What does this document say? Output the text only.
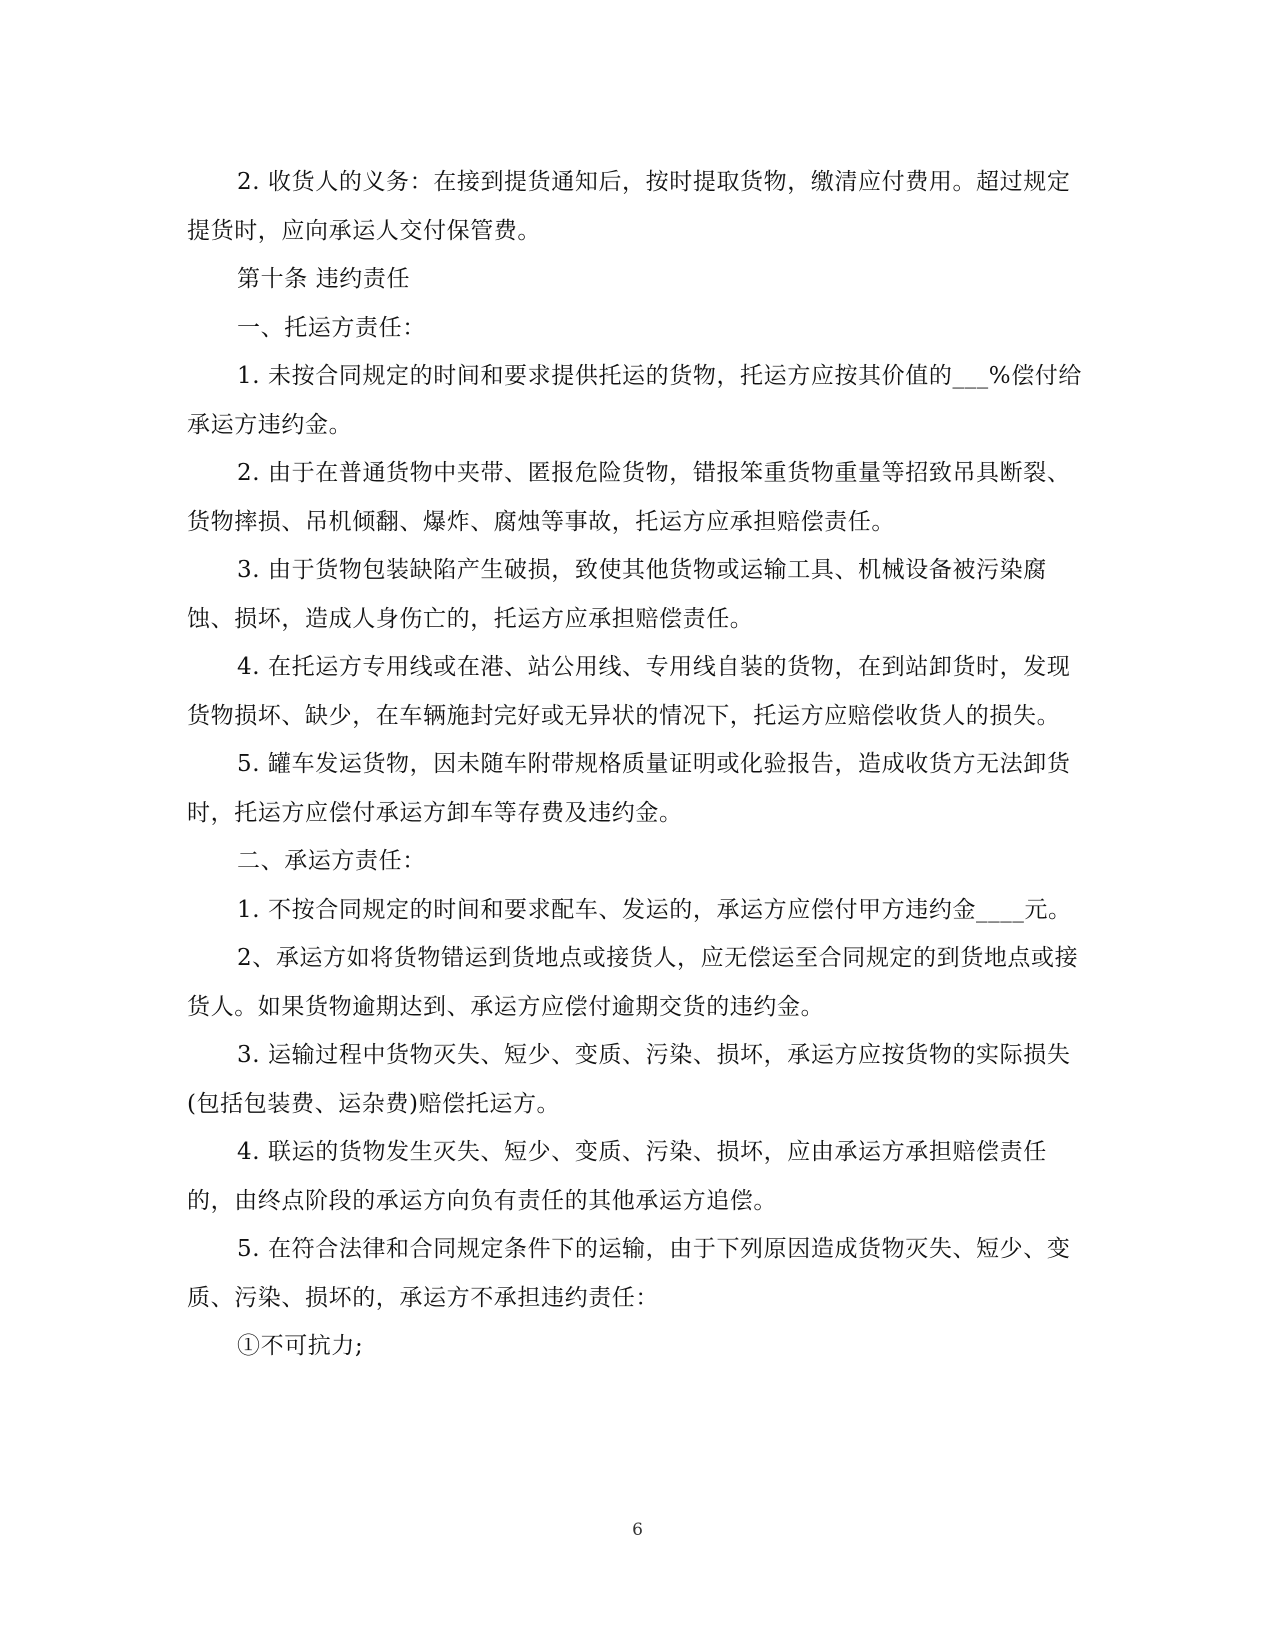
2. 收货人的义务：在接到提货通知后，按时提取货物，缴清应付费用。超过规定提货时，应向承运人交付保管费。

第十条 违约责任

一、托运方责任：

1. 未按合同规定的时间和要求提供托运的货物，托运方应按其价值的___%偿付给承运方违约金。

2. 由于在普通货物中夹带、匿报危险货物，错报笨重货物重量等招致吊具断裂、货物摔损、吊机倾翻、爆炸、腐烛等事故，托运方应承担赔偿责任。

3. 由于货物包装缺陷产生破损，致使其他货物或运输工具、机械设备被污染腐蚀、损坏，造成人身伤亡的，托运方应承担赔偿责任。

4. 在托运方专用线或在港、站公用线、专用线自装的货物，在到站卸货时，发现货物损坏、缺少，在车辆施封完好或无异状的情况下，托运方应赔偿收货人的损失。

5. 罐车发运货物，因未随车附带规格质量证明或化验报告，造成收货方无法卸货时，托运方应偿付承运方卸车等存费及违约金。

二、承运方责任：

1. 不按合同规定的时间和要求配车、发运的，承运方应偿付甲方违约金____元。

2、承运方如将货物错运到货地点或接货人，应无偿运至合同规定的到货地点或接货人。如果货物逾期达到、承运方应偿付逾期交货的违约金。

3. 运输过程中货物灭失、短少、变质、污染、损坏，承运方应按货物的实际损失(包括包装费、运杂费)赔偿托运方。

4. 联运的货物发生灭失、短少、变质、污染、损坏，应由承运方承担赔偿责任的，由终点阶段的承运方向负有责任的其他承运方追偿。

5. 在符合法律和合同规定条件下的运输，由于下列原因造成货物灭失、短少、变质、污染、损坏的，承运方不承担违约责任：

①不可抗力;

6
